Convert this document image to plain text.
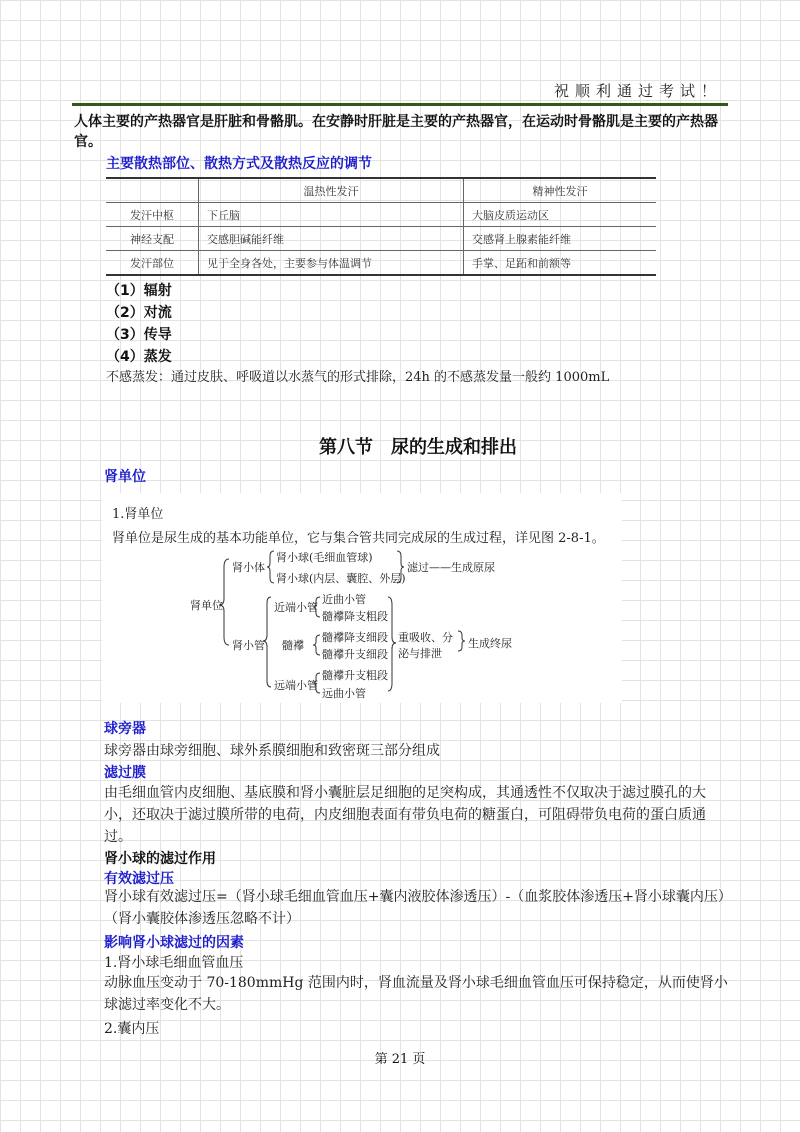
祝顺利通过考试！
人体主要的产热器官是肝脏和骨骼肌。在安静时肝脏是主要的产热器官，在运动时骨骼肌是主要的产热器官。
主要散热部位、散热方式及散热反应的调节
	温热性发汗	精神性发汗
发汗中枢	下丘脑	大脑皮质运动区
神经支配	交感胆碱能纤维	交感肾上腺素能纤维
发汗部位	见于全身各处，主要参与体温调节	手掌、足跖和前额等
（1）辐射
（2）对流
（3）传导
（4）蒸发
不感蒸发：通过皮肤、呼吸道以水蒸气的形式排除，24h 的不感蒸发量一般约 1000mL
第八节　尿的生成和排出
肾单位
1.肾单位
肾单位是尿生成的基本功能单位，它与集合管共同完成尿的生成过程，详见图 2-8-1。
肾单位
肾小体
肾小球(毛细血管球)
肾小球(内层、囊腔、外层)
滤过——生成原尿
肾小管
近端小管
近曲小管
髓襻降支粗段
髓襻
髓襻降支细段
髓襻升支细段
远端小管
髓襻升支粗段
远曲小管
重吸收、分泌与排泄
生成终尿
球旁器
球旁器由球旁细胞、球外系膜细胞和致密斑三部分组成
滤过膜
由毛细血管内皮细胞、基底膜和肾小囊脏层足细胞的足突构成，其通透性不仅取决于滤过膜孔的大小，还取决于滤过膜所带的电荷，内皮细胞表面有带负电荷的糖蛋白，可阻碍带负电荷的蛋白质通过。
肾小球的滤过作用
有效滤过压
肾小球有效滤过压=（肾小球毛细血管血压+囊内液胶体渗透压）-（血浆胶体渗透压+肾小球囊内压）（肾小囊胶体渗透压忽略不计）
影响肾小球滤过的因素
1.肾小球毛细血管血压
动脉血压变动于 70-180mmHg 范围内时，肾血流量及肾小球毛细血管血压可保持稳定，从而使肾小球滤过率变化不大。
2.囊内压
第 21 页
